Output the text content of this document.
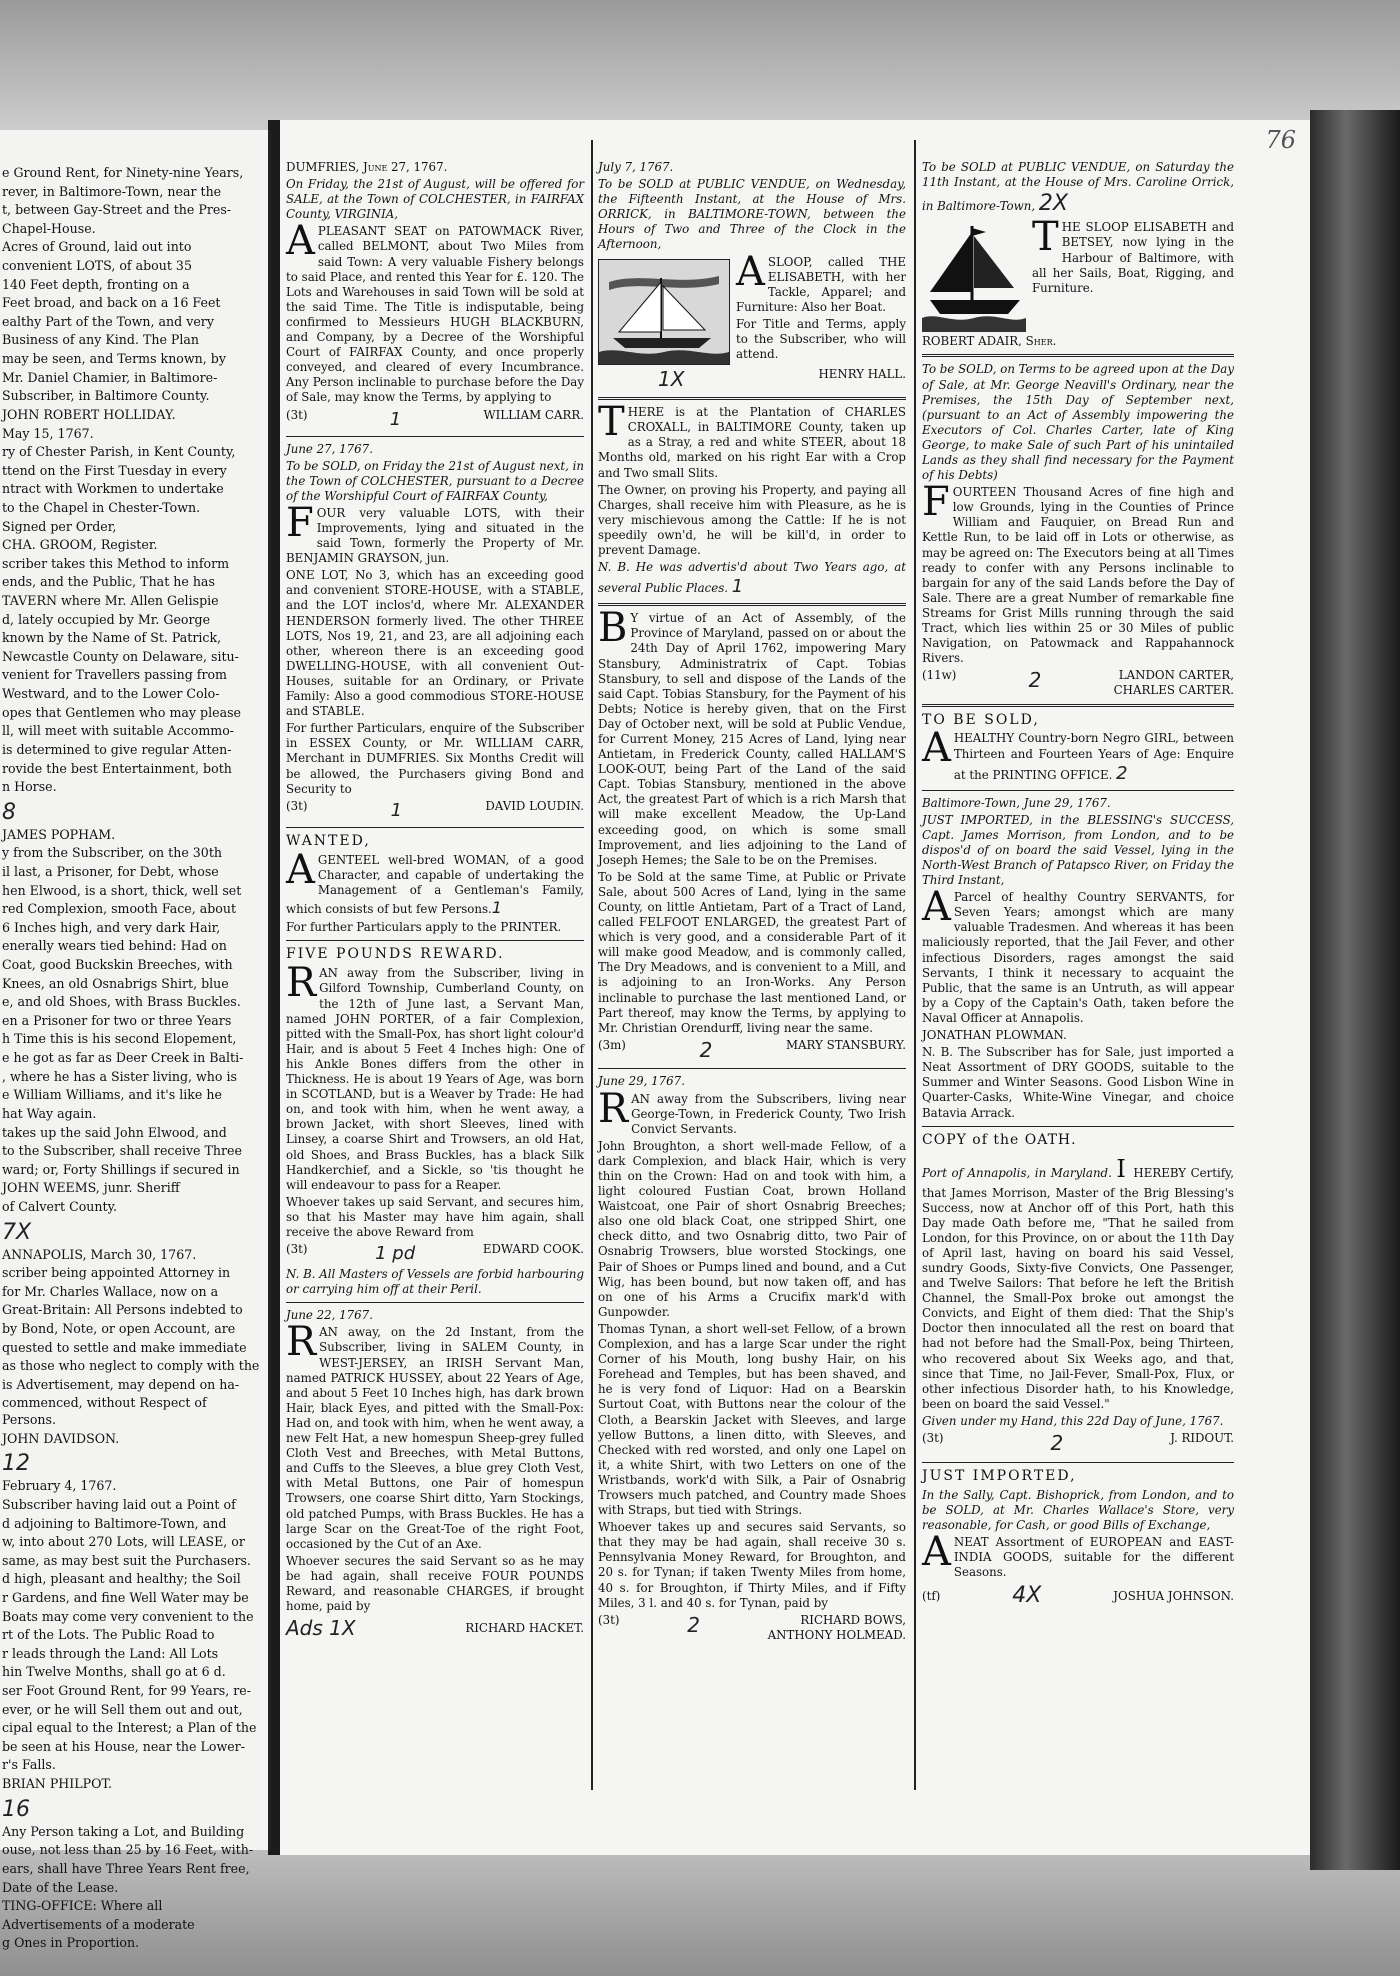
e Ground Rent, for Ninety-nine Years,

rever, in Baltimore-Town, near the

t, between Gay-Street and the Pres-

Chapel-House.

Acres of Ground, laid out into

convenient LOTS, of about 35

140 Feet depth, fronting on a

Feet broad, and back on a 16 Feet

ealthy Part of the Town, and very

Business of any Kind. The Plan

may be seen, and Terms known, by

Mr. Daniel Chamier, in Baltimore-

Subscriber, in Baltimore County.

JOHN ROBERT HOLLIDAY.

May 15, 1767.

ry of Chester Parish, in Kent County,

ttend on the First Tuesday in every

ntract with Workmen to undertake

to the Chapel in Chester-Town.

Signed per Order,

CHA. GROOM, Register.

scriber takes this Method to inform

ends, and the Public, That he has

TAVERN where Mr. Allen Gelispie

d, lately occupied by Mr. George

known by the Name of St. Patrick,

Newcastle County on Delaware, situ-

venient for Travellers passing from

Westward, and to the Lower Colo-

opes that Gentlemen who may please

ll, will meet with suitable Accommo-

is determined to give regular Atten-

rovide the best Entertainment, both

n Horse.

8

JAMES POPHAM.

y from the Subscriber, on the 30th

il last, a Prisoner, for Debt, whose

hen Elwood, is a short, thick, well set

red Complexion, smooth Face, about

6 Inches high, and very dark Hair,

enerally wears tied behind: Had on

Coat, good Buckskin Breeches, with

Knees, an old Osnabrigs Shirt, blue

e, and old Shoes, with Brass Buckles.

en a Prisoner for two or three Years

h Time this is his second Elopement,

e he got as far as Deer Creek in Balti-

, where he has a Sister living, who is

e William Williams, and it's like he

hat Way again.

takes up the said John Elwood, and

to the Subscriber, shall receive Three

ward; or, Forty Shillings if secured in

JOHN WEEMS, junr. Sheriff

of Calvert County.

7X

ANNAPOLIS, March 30, 1767.

scriber being appointed Attorney in

for Mr. Charles Wallace, now on a

Great-Britain: All Persons indebted to

by Bond, Note, or open Account, are

quested to settle and make immediate

as those who neglect to comply with the

is Advertisement, may depend on ha-

commenced, without Respect of Persons.

JOHN DAVIDSON.

12

February 4, 1767.

Subscriber having laid out a Point of

d adjoining to Baltimore-Town, and

w, into about 270 Lots, will LEASE, or

same, as may best suit the Purchasers.

d high, pleasant and healthy; the Soil

r Gardens, and fine Well Water may be

Boats may come very convenient to the

rt of the Lots. The Public Road to

r leads through the Land: All Lots

hin Twelve Months, shall go at 6 d.

ser Foot Ground Rent, for 99 Years, re-

ever, or he will Sell them out and out,

cipal equal to the Interest; a Plan of the

be seen at his House, near the Lower-

r's Falls.

BRIAN PHILPOT.

16

Any Person taking a Lot, and Building

ouse, not less than 25 by 16 Feet, with-

ears, shall have Three Years Rent free,

Date of the Lease.

TING-OFFICE: Where all

Advertisements of a moderate

g Ones in Proportion.

76

DUMFRIES, June 27, 1767.

On Friday, the 21st of August, will be offered for SALE, at the Town of COLCHESTER, in FAIRFAX County, VIRGINIA,

APLEASANT SEAT on PATOWMACK River, called BELMONT, about Two Miles from said Town: A very valuable Fishery belongs to said Place, and rented this Year for £. 120. The Lots and Warehouses in said Town will be sold at the said Time. The Title is indisputable, being confirmed to Messieurs HUGH BLACKBURN, and Company, by a Decree of the Worshipful Court of FAIRFAX County, and once properly conveyed, and cleared of every Incumbrance. Any Person inclinable to purchase before the Day of Sale, may know the Terms, by applying to

(3t)	1	WILLIAM CARR.

June 27, 1767.

To be SOLD, on Friday the 21st of August next, in the Town of COLCHESTER, pursuant to a Decree of the Worshipful Court of FAIRFAX County,

FOUR very valuable LOTS, with their Improvements, lying and situated in the said Town, formerly the Property of Mr. BENJAMIN GRAYSON, jun.

ONE LOT, No 3, which has an exceeding good and convenient STORE-HOUSE, with a STABLE, and the LOT inclos'd, where Mr. ALEXANDER HENDERSON formerly lived. The other THREE LOTS, Nos 19, 21, and 23, are all adjoining each other, whereon there is an exceeding good DWELLING-HOUSE, with all convenient Out-Houses, suitable for an Ordinary, or Private Family: Also a good commodious STORE-HOUSE and STABLE.

For further Particulars, enquire of the Subscriber in ESSEX County, or Mr. WILLIAM CARR, Merchant in DUMFRIES. Six Months Credit will be allowed, the Purchasers giving Bond and Security to

(3t)	1	DAVID LOUDIN.

WANTED,

AGENTEEL well-bred WOMAN, of a good Character, and capable of undertaking the Management of a Gentleman's Family, which consists of but few Persons.1

For further Particulars apply to the PRINTER.

FIVE POUNDS REWARD.

RAN away from the Subscriber, living in Gilford Township, Cumberland County, on the 12th of June last, a Servant Man, named JOHN PORTER, of a fair Complexion, pitted with the Small-Pox, has short light colour'd Hair, and is about 5 Feet 4 Inches high: One of his Ankle Bones differs from the other in Thickness. He is about 19 Years of Age, was born in SCOTLAND, but is a Weaver by Trade: He had on, and took with him, when he went away, a brown Jacket, with short Sleeves, lined with Linsey, a coarse Shirt and Trowsers, an old Hat, old Shoes, and Brass Buckles, has a black Silk Handkerchief, and a Sickle, so 'tis thought he will endeavour to pass for a Reaper.

Whoever takes up said Servant, and secures him, so that his Master may have him again, shall receive the above Reward from

(3t)	1 pd	EDWARD COOK.

N. B. All Masters of Vessels are forbid harbouring or carrying him off at their Peril.

June 22, 1767.

RAN away, on the 2d Instant, from the Subscriber, living in SALEM County, in WEST-JERSEY, an IRISH Servant Man, named PATRICK HUSSEY, about 22 Years of Age, and about 5 Feet 10 Inches high, has dark brown Hair, black Eyes, and pitted with the Small-Pox: Had on, and took with him, when he went away, a new Felt Hat, a new homespun Sheep-grey fulled Cloth Vest and Breeches, with Metal Buttons, and Cuffs to the Sleeves, a blue grey Cloth Vest, with Metal Buttons, one Pair of homespun Trowsers, one coarse Shirt ditto, Yarn Stockings, old patched Pumps, with Brass Buckles. He has a large Scar on the Great-Toe of the right Foot, occasioned by the Cut of an Axe.

Whoever secures the said Servant so as he may be had again, shall receive FOUR POUNDS Reward, and reasonable CHARGES, if brought home, paid by

Ads 1X	RICHARD HACKET.

July 7, 1767.

To be SOLD at PUBLIC VENDUE, on Wednesday, the Fifteenth Instant, at the House of Mrs. ORRICK, in BALTIMORE-TOWN, between the Hours of Two and Three of the Clock in the Afternoon,

ASLOOP, called THE ELISABETH, with her Tackle, Apparel; and Furniture: Also her Boat.

For Title and Terms, apply to the Subscriber, who will attend.

1X	HENRY HALL.

THERE is at the Plantation of CHARLES CROXALL, in BALTIMORE County, taken up as a Stray, a red and white STEER, about 18 Months old, marked on his right Ear with a Crop and Two small Slits.

The Owner, on proving his Property, and paying all Charges, shall receive him with Pleasure, as he is very mischievous among the Cattle: If he is not speedily own'd, he will be kill'd, in order to prevent Damage.

N. B. He was advertis'd about Two Years ago, at several Public Places. 1

B Y virtue of an Act of Assembly, of the Province of Maryland, passed on or about the 24th Day of April 1762, impowering Mary Stansbury, Administratrix of Capt. Tobias Stansbury, to sell and dispose of the Lands of the said Capt. Tobias Stansbury, for the Payment of his Debts; Notice is hereby given, that on the First Day of October next, will be sold at Public Vendue, for Current Money, 215 Acres of Land, lying near Antietam, in Frederick County, called HALLAM'S LOOK-OUT, being Part of the Land of the said Capt. Tobias Stansbury, mentioned in the above Act, the greatest Part of which is a rich Marsh that will make excellent Meadow, the Up-Land exceeding good, on which is some small Improvement, and lies adjoining to the Land of Joseph Hemes; the Sale to be on the Premises.

To be Sold at the same Time, at Public or Private Sale, about 500 Acres of Land, lying in the same County, on little Antietam, Part of a Tract of Land, called FELFOOT ENLARGED, the greatest Part of which is very good, and a considerable Part of it will make good Meadow, and is commonly called, The Dry Meadows, and is convenient to a Mill, and is adjoining to an Iron-Works. Any Person inclinable to purchase the last mentioned Land, or Part thereof, may know the Terms, by applying to Mr. Christian Orendurff, living near the same.

(3m)	2	MARY STANSBURY.

June 29, 1767.

RAN away from the Subscribers, living near George-Town, in Frederick County, Two Irish Convict Servants.

John Broughton, a short well-made Fellow, of a dark Complexion, and black Hair, which is very thin on the Crown: Had on and took with him, a light coloured Fustian Coat, brown Holland Waistcoat, one Pair of short Osnabrig Breeches; also one old black Coat, one stripped Shirt, one check ditto, and two Osnabrig ditto, two Pair of Osnabrig Trowsers, blue worsted Stockings, one Pair of Shoes or Pumps lined and bound, and a Cut Wig, has been bound, but now taken off, and has on one of his Arms a Crucifix mark'd with Gunpowder.

Thomas Tynan, a short well-set Fellow, of a brown Complexion, and has a large Scar under the right Corner of his Mouth, long bushy Hair, on his Forehead and Temples, but has been shaved, and he is very fond of Liquor: Had on a Bearskin Surtout Coat, with Buttons near the colour of the Cloth, a Bearskin Jacket with Sleeves, and large yellow Buttons, a linen ditto, with Sleeves, and Checked with red worsted, and only one Lapel on it, a white Shirt, with two Letters on one of the Wristbands, work'd with Silk, a Pair of Osnabrig Trowsers much patched, and Country made Shoes with Straps, but tied with Strings.

Whoever takes up and secures said Servants, so that they may be had again, shall receive 30 s. Pennsylvania Money Reward, for Broughton, and 20 s. for Tynan; if taken Twenty Miles from home, 40 s. for Broughton, if Thirty Miles, and if Fifty Miles, 3 l. and 40 s. for Tynan, paid by

(3t)	2	RICHARD BOWS,
ANTHONY HOLMEAD.

To be SOLD at PUBLIC VENDUE, on Saturday the 11th Instant, at the House of Mrs. Caroline Orrick, in Baltimore-Town, 2X

THE SLOOP ELISABETH and BETSEY, now lying in the Harbour of Baltimore, with all her Sails, Boat, Rigging, and Furniture.

ROBERT ADAIR, Sher.

To be SOLD, on Terms to be agreed upon at the Day of Sale, at Mr. George Neavill's Ordinary, near the Premises, the 15th Day of September next, (pursuant to an Act of Assembly impowering the Executors of Col. Charles Carter, late of King George, to make Sale of such Part of his unintailed Lands as they shall find necessary for the Payment of his Debts)

FOURTEEN Thousand Acres of fine high and low Grounds, lying in the Counties of Prince William and Fauquier, on Bread Run and Kettle Run, to be laid off in Lots or otherwise, as may be agreed on: The Executors being at all Times ready to confer with any Persons inclinable to bargain for any of the said Lands before the Day of Sale. There are a great Number of remarkable fine Streams for Grist Mills running through the said Tract, which lies within 25 or 30 Miles of public Navigation, on Patowmack and Rappahannock Rivers.

(11w)	2	LANDON CARTER,
CHARLES CARTER.

TO BE SOLD,

AHEALTHY Country-born Negro GIRL, between Thirteen and Fourteen Years of Age: Enquire at the PRINTING OFFICE. 2

Baltimore-Town, June 29, 1767.

JUST IMPORTED, in the BLESSING's SUCCESS, Capt. James Morrison, from London, and to be dispos'd of on board the said Vessel, lying in the North-West Branch of Patapsco River, on Friday the Third Instant,

A Parcel of healthy Country SERVANTS, for Seven Years; amongst which are many valuable Tradesmen. And whereas it has been maliciously reported, that the Jail Fever, and other infectious Disorders, rages amongst the said Servants, I think it necessary to acquaint the Public, that the same is an Untruth, as will appear by a Copy of the Captain's Oath, taken before the Naval Officer at Annapolis.

JONATHAN PLOWMAN.

N. B. The Subscriber has for Sale, just imported a Neat Assortment of DRY GOODS, suitable to the Summer and Winter Seasons. Good Lisbon Wine in Quarter-Casks, White-Wine Vinegar, and choice Batavia Arrack.

COPY of the OATH.

Port of Annapolis, in Maryland. I HEREBY Certify, that James Morrison, Master of the Brig Blessing's Success, now at Anchor off of this Port, hath this Day made Oath before me, "That he sailed from London, for this Province, on or about the 11th Day of April last, having on board his said Vessel, sundry Goods, Sixty-five Convicts, One Passenger, and Twelve Sailors: That before he left the British Channel, the Small-Pox broke out amongst the Convicts, and Eight of them died: That the Ship's Doctor then innoculated all the rest on board that had not before had the Small-Pox, being Thirteen, who recovered about Six Weeks ago, and that, since that Time, no Jail-Fever, Small-Pox, Flux, or other infectious Disorder hath, to his Knowledge, been on board the said Vessel."

Given under my Hand, this 22d Day of June, 1767.

(3t)	2	J. RIDOUT.

JUST IMPORTED,

In the Sally, Capt. Bishoprick, from London, and to be SOLD, at Mr. Charles Wallace's Store, very reasonable, for Cash, or good Bills of Exchange,

ANEAT Assortment of EUROPEAN and EAST-INDIA GOODS, suitable for the different Seasons.

(tf)	4X	JOSHUA JOHNSON.
